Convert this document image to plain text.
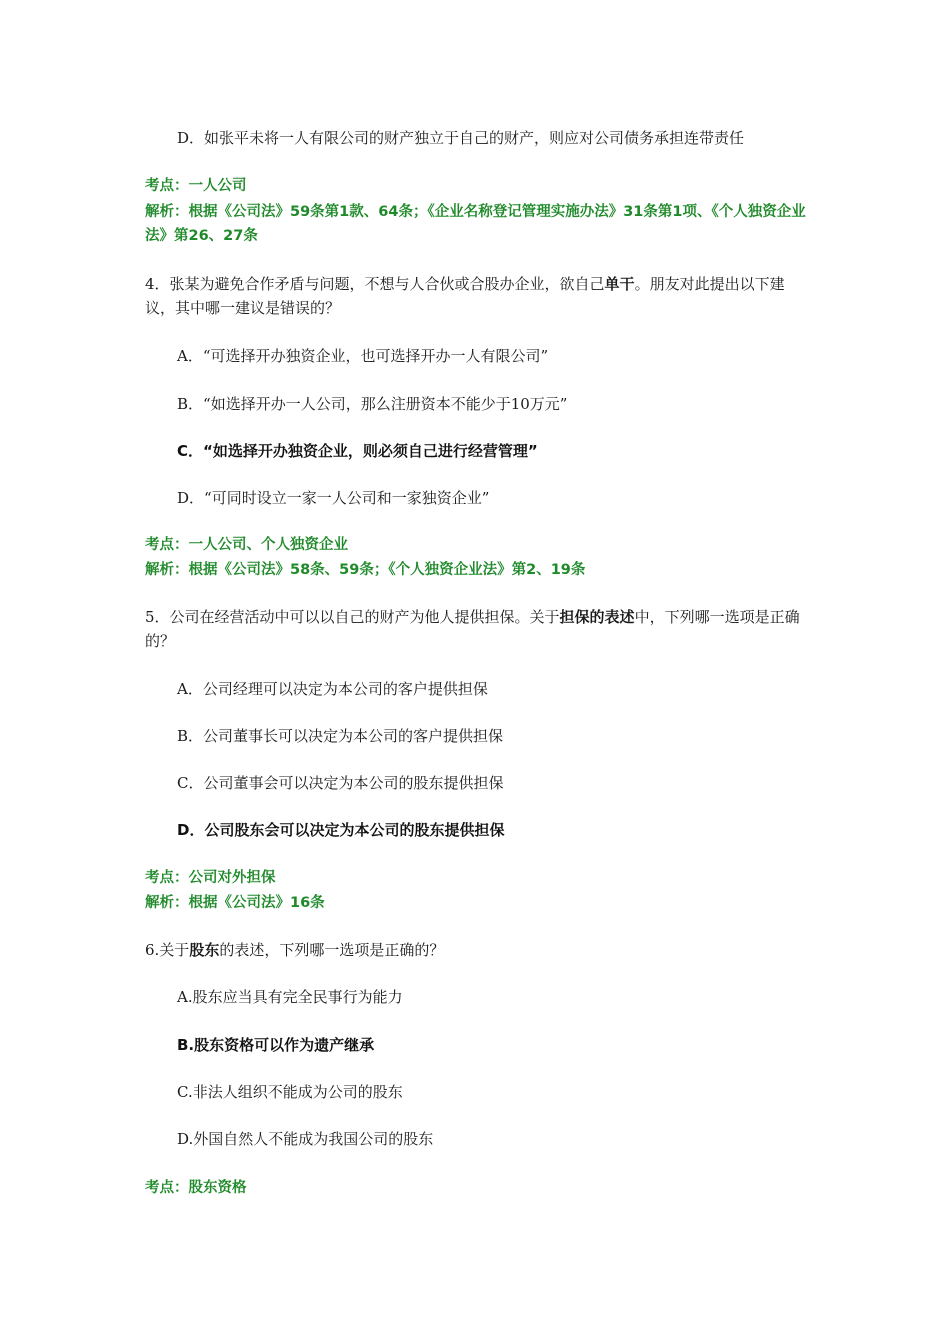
D．如张平未将一人有限公司的财产独立于自己的财产，则应对公司债务承担连带责任
考点：一人公司
解析：根据《公司法》59条第1款、64条；《企业名称登记管理实施办法》31条第1项、《个人独资企业法》第26、27条
4．张某为避免合作矛盾与问题，不想与人合伙或合股办企业，欲自己单干。朋友对此提出以下建议，其中哪一建议是错误的？
A．“可选择开办独资企业，也可选择开办一人有限公司”
B．“如选择开办一人公司，那么注册资本不能少于10万元”
C．“如选择开办独资企业，则必须自己进行经营管理”
D．“可同时设立一家一人公司和一家独资企业”
考点：一人公司、个人独资企业
解析：根据《公司法》58条、59条；《个人独资企业法》第2、19条
5．公司在经营活动中可以以自己的财产为他人提供担保。关于担保的表述中，下列哪一选项是正确的？
A．公司经理可以决定为本公司的客户提供担保
B．公司董事长可以决定为本公司的客户提供担保
C．公司董事会可以决定为本公司的股东提供担保
D．公司股东会可以决定为本公司的股东提供担保
考点：公司对外担保
解析：根据《公司法》16条
6.关于股东的表述，下列哪一选项是正确的？
A.股东应当具有完全民事行为能力
B.股东资格可以作为遗产继承
C.非法人组织不能成为公司的股东
D.外国自然人不能成为我国公司的股东
考点：股东资格
